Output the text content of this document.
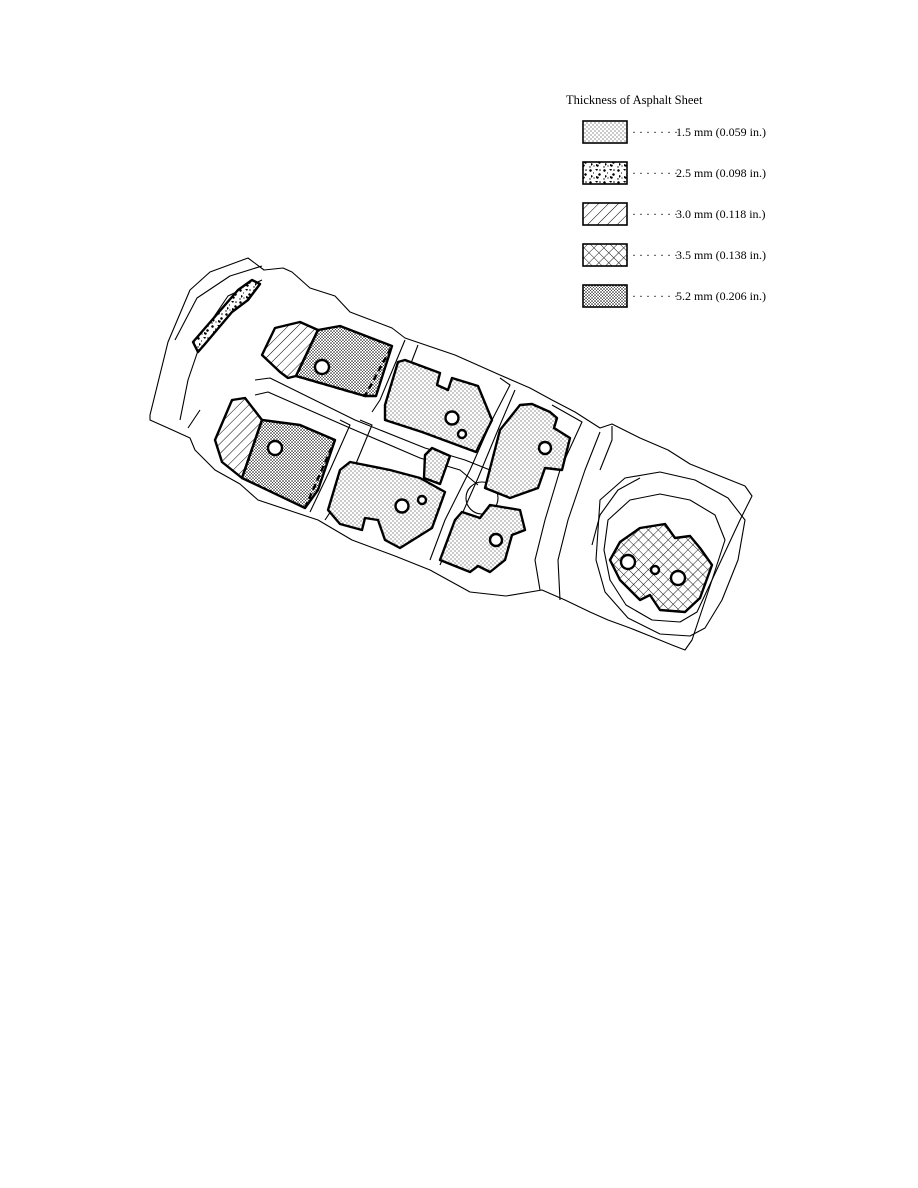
Thickness of Asphalt Sheet
· · · · · · ·
1.5 mm (0.059 in.)
· · · · · · ·
2.5 mm (0.098 in.)
· · · · · · ·
3.0 mm (0.118 in.)
· · · · · · ·
3.5 mm (0.138 in.)
· · · · · · ·
5.2 mm (0.206 in.)
